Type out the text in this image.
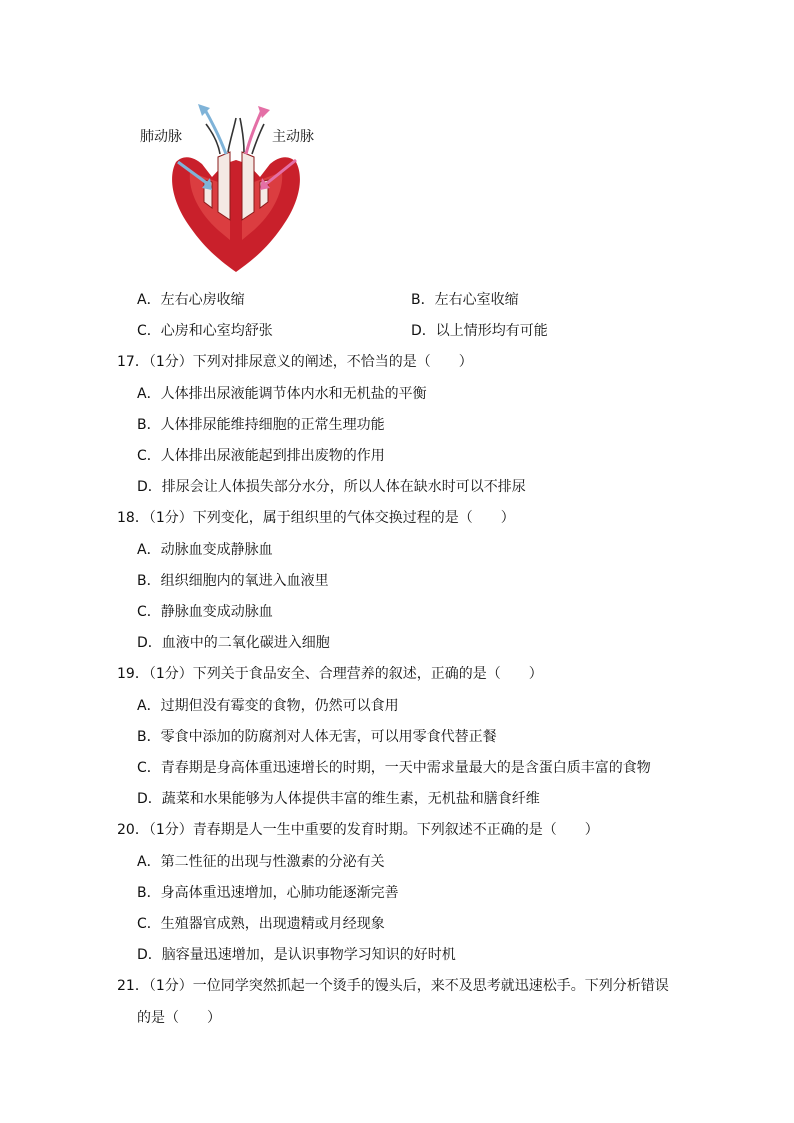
肺动脉	主动脉
A．左右心房收缩	B．左右心室收缩
C．心房和心室均舒张	D．以上情形均有可能
17．（1分）下列对排尿意义的阐述，不恰当的是（　　）
A．人体排出尿液能调节体内水和无机盐的平衡
B．人体排尿能维持细胞的正常生理功能
C．人体排出尿液能起到排出废物的作用
D．排尿会让人体损失部分水分，所以人体在缺水时可以不排尿
18．（1分）下列变化，属于组织里的气体交换过程的是（　　）
A．动脉血变成静脉血
B．组织细胞内的氧进入血液里
C．静脉血变成动脉血
D．血液中的二氧化碳进入细胞
19．（1分）下列关于食品安全、合理营养的叙述，正确的是（　　）
A．过期但没有霉变的食物，仍然可以食用
B．零食中添加的防腐剂对人体无害，可以用零食代替正餐
C．青春期是身高体重迅速增长的时期，一天中需求量最大的是含蛋白质丰富的食物
D．蔬菜和水果能够为人体提供丰富的维生素，无机盐和膳食纤维
20．（1分）青春期是人一生中重要的发育时期。下列叙述不正确的是（　　）
A．第二性征的出现与性激素的分泌有关
B．身高体重迅速增加，心肺功能逐渐完善
C．生殖器官成熟，出现遗精或月经现象
D．脑容量迅速增加，是认识事物学习知识的好时机
21．（1分）一位同学突然抓起一个烫手的馒头后，来不及思考就迅速松手。下列分析错误
的是（　　）
